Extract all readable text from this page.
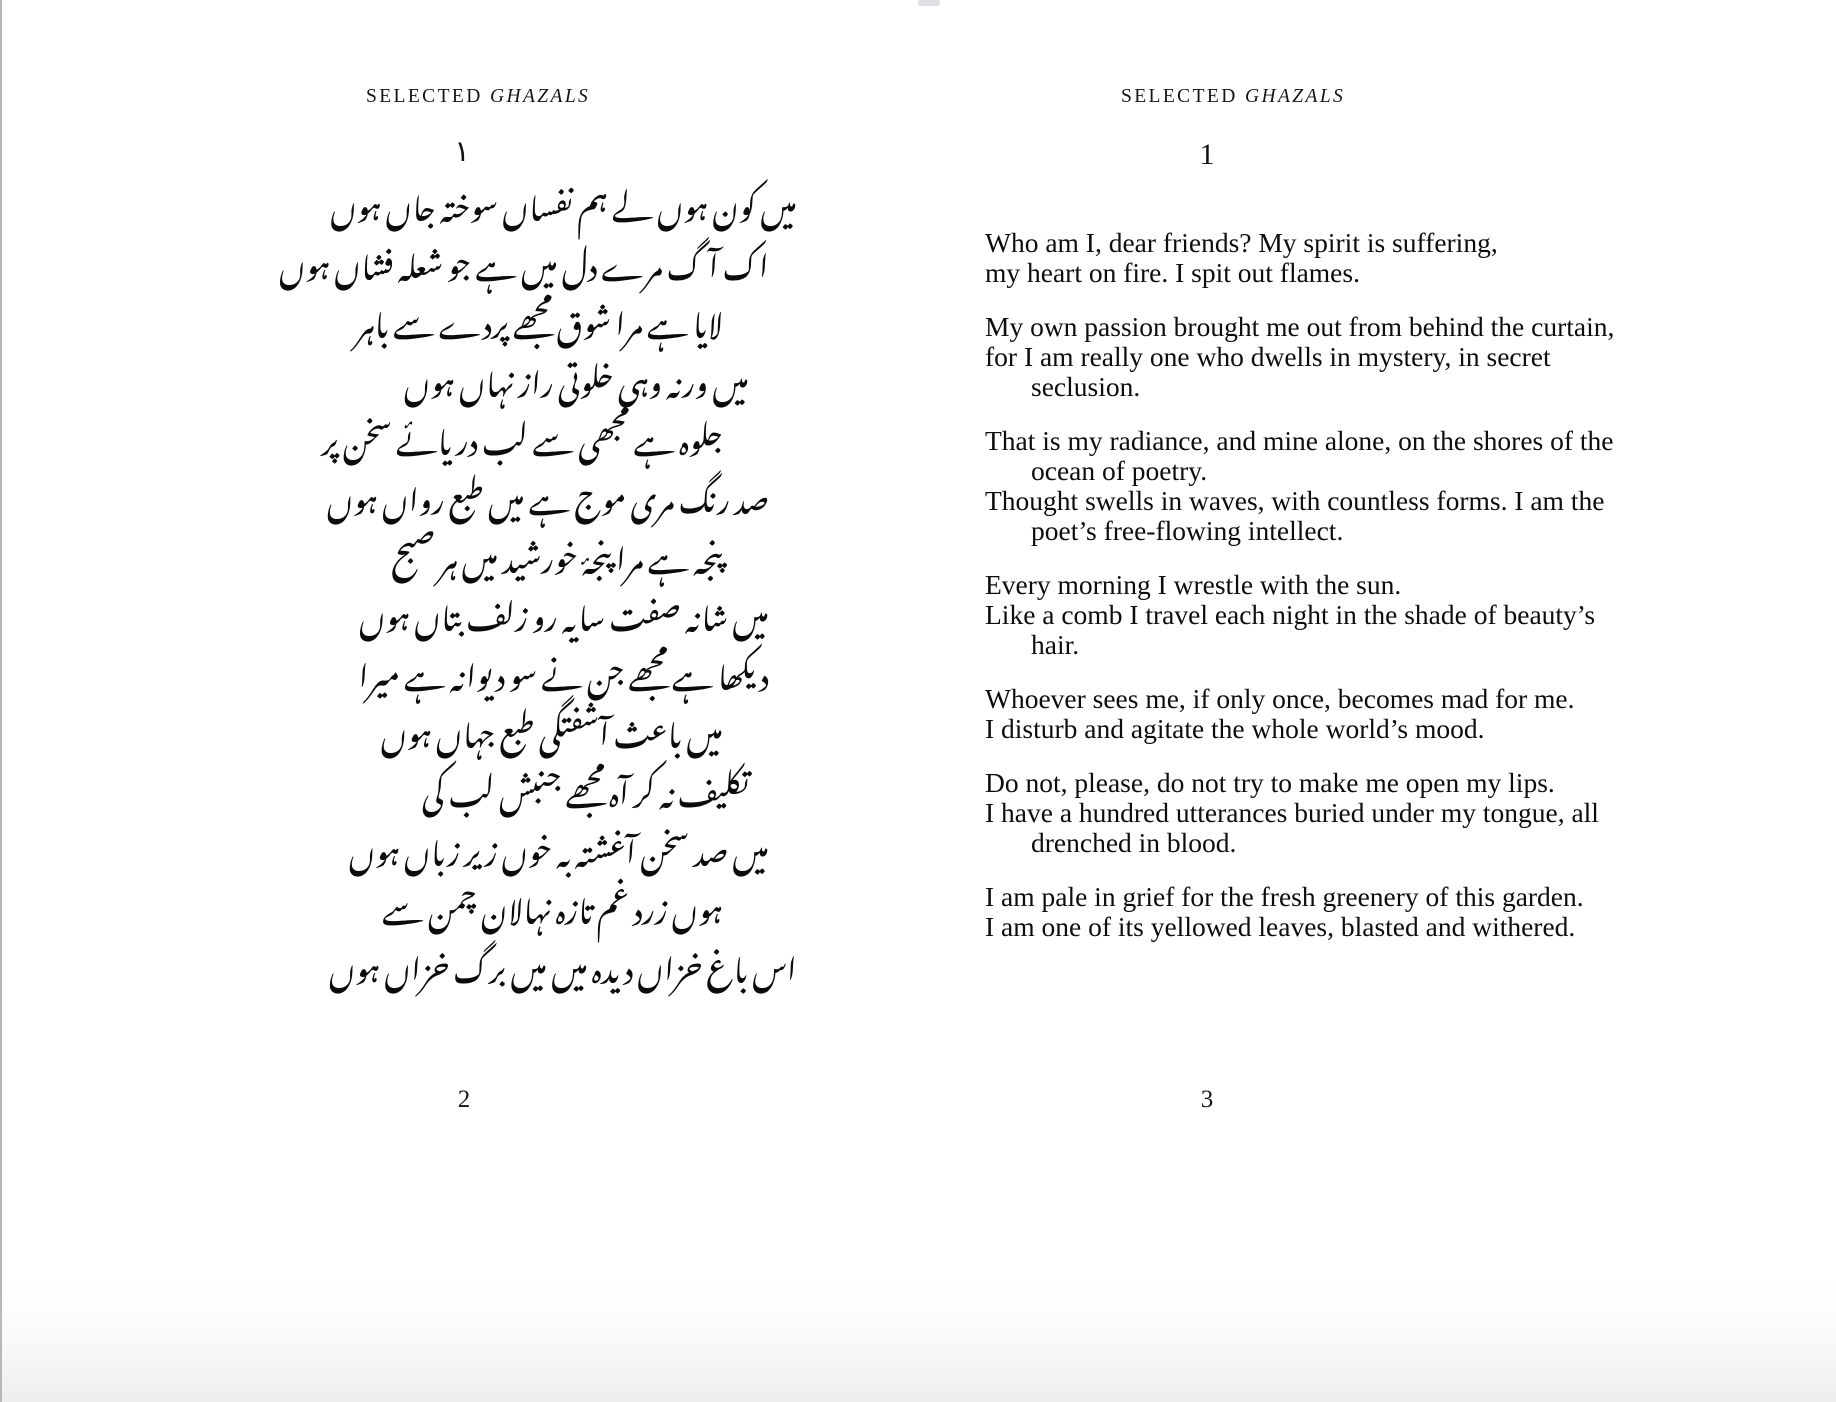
SELECTED GHAZALS
۱
میں کون ہوں لے ہم نفساں سوختہ جاں ہوں
اک آگ مرے دل میں ہے جو شعلہ فشاں ہوں
لایا ہے مرا شوق مجھے پردے سے باہر
میں ورنہ وہی خلوتی راز نہاں ہوں
جلوہ ہے مجھی سے لب دریائے سخن پر
صد رنگ مری موج ہے میں طبع رواں ہوں
پنجہ ہے مرا پنجۂ خورشید میں ہر صبح
میں شانہ صفت سایہ رو زلف بتاں ہوں
دیکھا ہے مجھے جن نے سو دیوانہ ہے میرا
میں باعث آشفتگی طبع جہاں ہوں
تکلیف نہ کر آہ مجھے جنبش لب کی
میں صد سخن آغشتہ بہ خوں زیر زباں ہوں
ہوں زرد غم تازہ نہالان چمن سے
اس باغ خزاں دیدہ میں میں برگ خزاں ہوں
2
SELECTED GHAZALS
1
Who am I, dear friends? My spirit is suffering,
my heart on fire. I spit out flames.
My own passion brought me out from behind the curtain,
for I am really one who dwells in mystery, in secret
seclusion.
That is my radiance, and mine alone, on the shores of the
ocean of poetry.
Thought swells in waves, with countless forms. I am the
poet’s free-flowing intellect.
Every morning I wrestle with the sun.
Like a comb I travel each night in the shade of beauty’s
hair.
Whoever sees me, if only once, becomes mad for me.
I disturb and agitate the whole world’s mood.
Do not, please, do not try to make me open my lips.
I have a hundred utterances buried under my tongue, all
drenched in blood.
I am pale in grief for the fresh greenery of this garden.
I am one of its yellowed leaves, blasted and withered.
3
